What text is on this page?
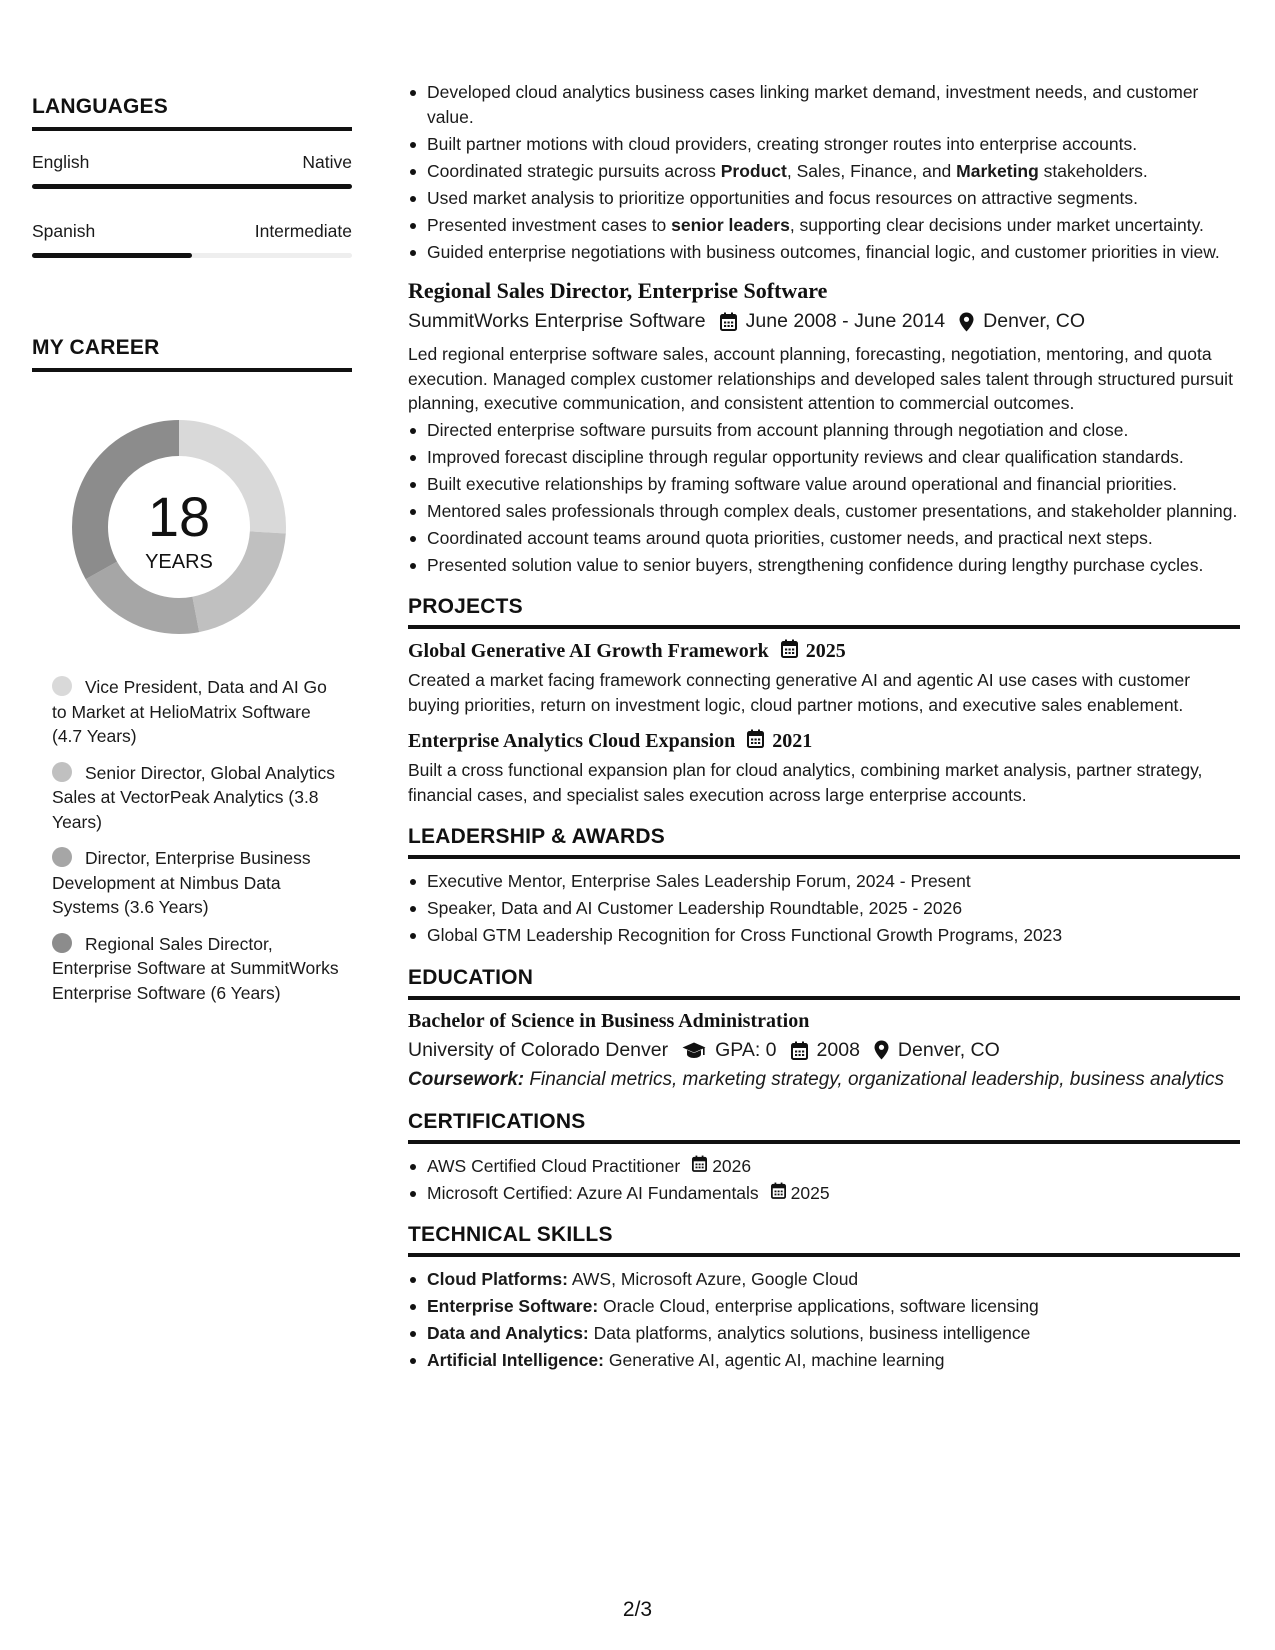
LANGUAGES
English	Native
Spanish	Intermediate
MY CAREER
18
YEARS
Vice President, Data and AI Go to Market at HelioMatrix Software (4.7 Years)
Senior Director, Global Analytics Sales at VectorPeak Analytics (3.8 Years)
Director, Enterprise Business Development at Nimbus Data Systems (3.6 Years)
Regional Sales Director, Enterprise Software at SummitWorks Enterprise Software (6 Years)
Developed cloud analytics business cases linking market demand, investment needs, and customer value.
Built partner motions with cloud providers, creating stronger routes into enterprise accounts.
Coordinated strategic pursuits across Product, Sales, Finance, and Marketing stakeholders.
Used market analysis to prioritize opportunities and focus resources on attractive segments.
Presented investment cases to senior leaders, supporting clear decisions under market uncertainty.
Guided enterprise negotiations with business outcomes, financial logic, and customer priorities in view.
Regional Sales Director, Enterprise Software
SummitWorks Enterprise Software June 2008 - June 2014 Denver, CO
Led regional enterprise software sales, account planning, forecasting, negotiation, mentoring, and quota execution. Managed complex customer relationships and developed sales talent through structured pursuit planning, executive communication, and consistent attention to commercial outcomes.
Directed enterprise software pursuits from account planning through negotiation and close.
Improved forecast discipline through regular opportunity reviews and clear qualification standards.
Built executive relationships by framing software value around operational and financial priorities.
Mentored sales professionals through complex deals, customer presentations, and stakeholder planning.
Coordinated account teams around quota priorities, customer needs, and practical next steps.
Presented solution value to senior buyers, strengthening confidence during lengthy purchase cycles.
PROJECTS
Global Generative AI Growth Framework 2025
Created a market facing framework connecting generative AI and agentic AI use cases with customer buying priorities, return on investment logic, cloud partner motions, and executive sales enablement.
Enterprise Analytics Cloud Expansion 2021
Built a cross functional expansion plan for cloud analytics, combining market analysis, partner strategy, financial cases, and specialist sales execution across large enterprise accounts.
LEADERSHIP & AWARDS
Executive Mentor, Enterprise Sales Leadership Forum, 2024 - Present
Speaker, Data and AI Customer Leadership Roundtable, 2025 - 2026
Global GTM Leadership Recognition for Cross Functional Growth Programs, 2023
EDUCATION
Bachelor of Science in Business Administration
University of Colorado Denver GPA: 0 2008 Denver, CO
Coursework: Financial metrics, marketing strategy, organizational leadership, business analytics
CERTIFICATIONS
AWS Certified Cloud Practitioner 2026
Microsoft Certified: Azure AI Fundamentals 2025
TECHNICAL SKILLS
Cloud Platforms: AWS, Microsoft Azure, Google Cloud
Enterprise Software: Oracle Cloud, enterprise applications, software licensing
Data and Analytics: Data platforms, analytics solutions, business intelligence
Artificial Intelligence: Generative AI, agentic AI, machine learning
2/3
